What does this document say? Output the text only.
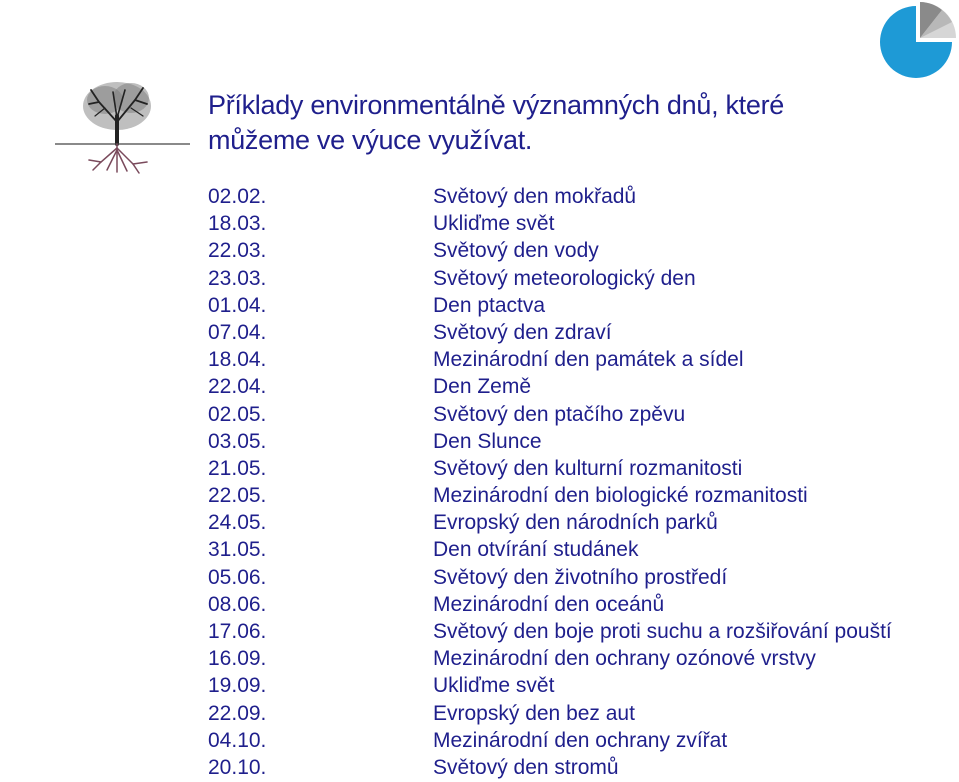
Příklady environmentálně významných dnů, které
můžeme ve výuce využívat.
02.02.	Světový den mokřadů
18.03.	Ukliďme svět
22.03.	Světový den vody
23.03.	Světový meteorologický den
01.04.	Den ptactva
07.04.	Světový den zdraví
18.04.	Mezinárodní den památek a sídel
22.04.	Den Země
02.05.	Světový den ptačího zpěvu
03.05.	Den Slunce
21.05.	Světový den kulturní rozmanitosti
22.05.	Mezinárodní den biologické rozmanitosti
24.05.	Evropský den národních parků
31.05.	Den otvírání studánek
05.06.	Světový den životního prostředí
08.06.	Mezinárodní den oceánů
17.06.	Světový den boje proti suchu a rozšiřování pouští
16.09.	Mezinárodní den ochrany ozónové vrstvy
19.09.	Ukliďme svět
22.09.	Evropský den bez aut
04.10.	Mezinárodní den ochrany zvířat
20.10.	Světový den stromů
